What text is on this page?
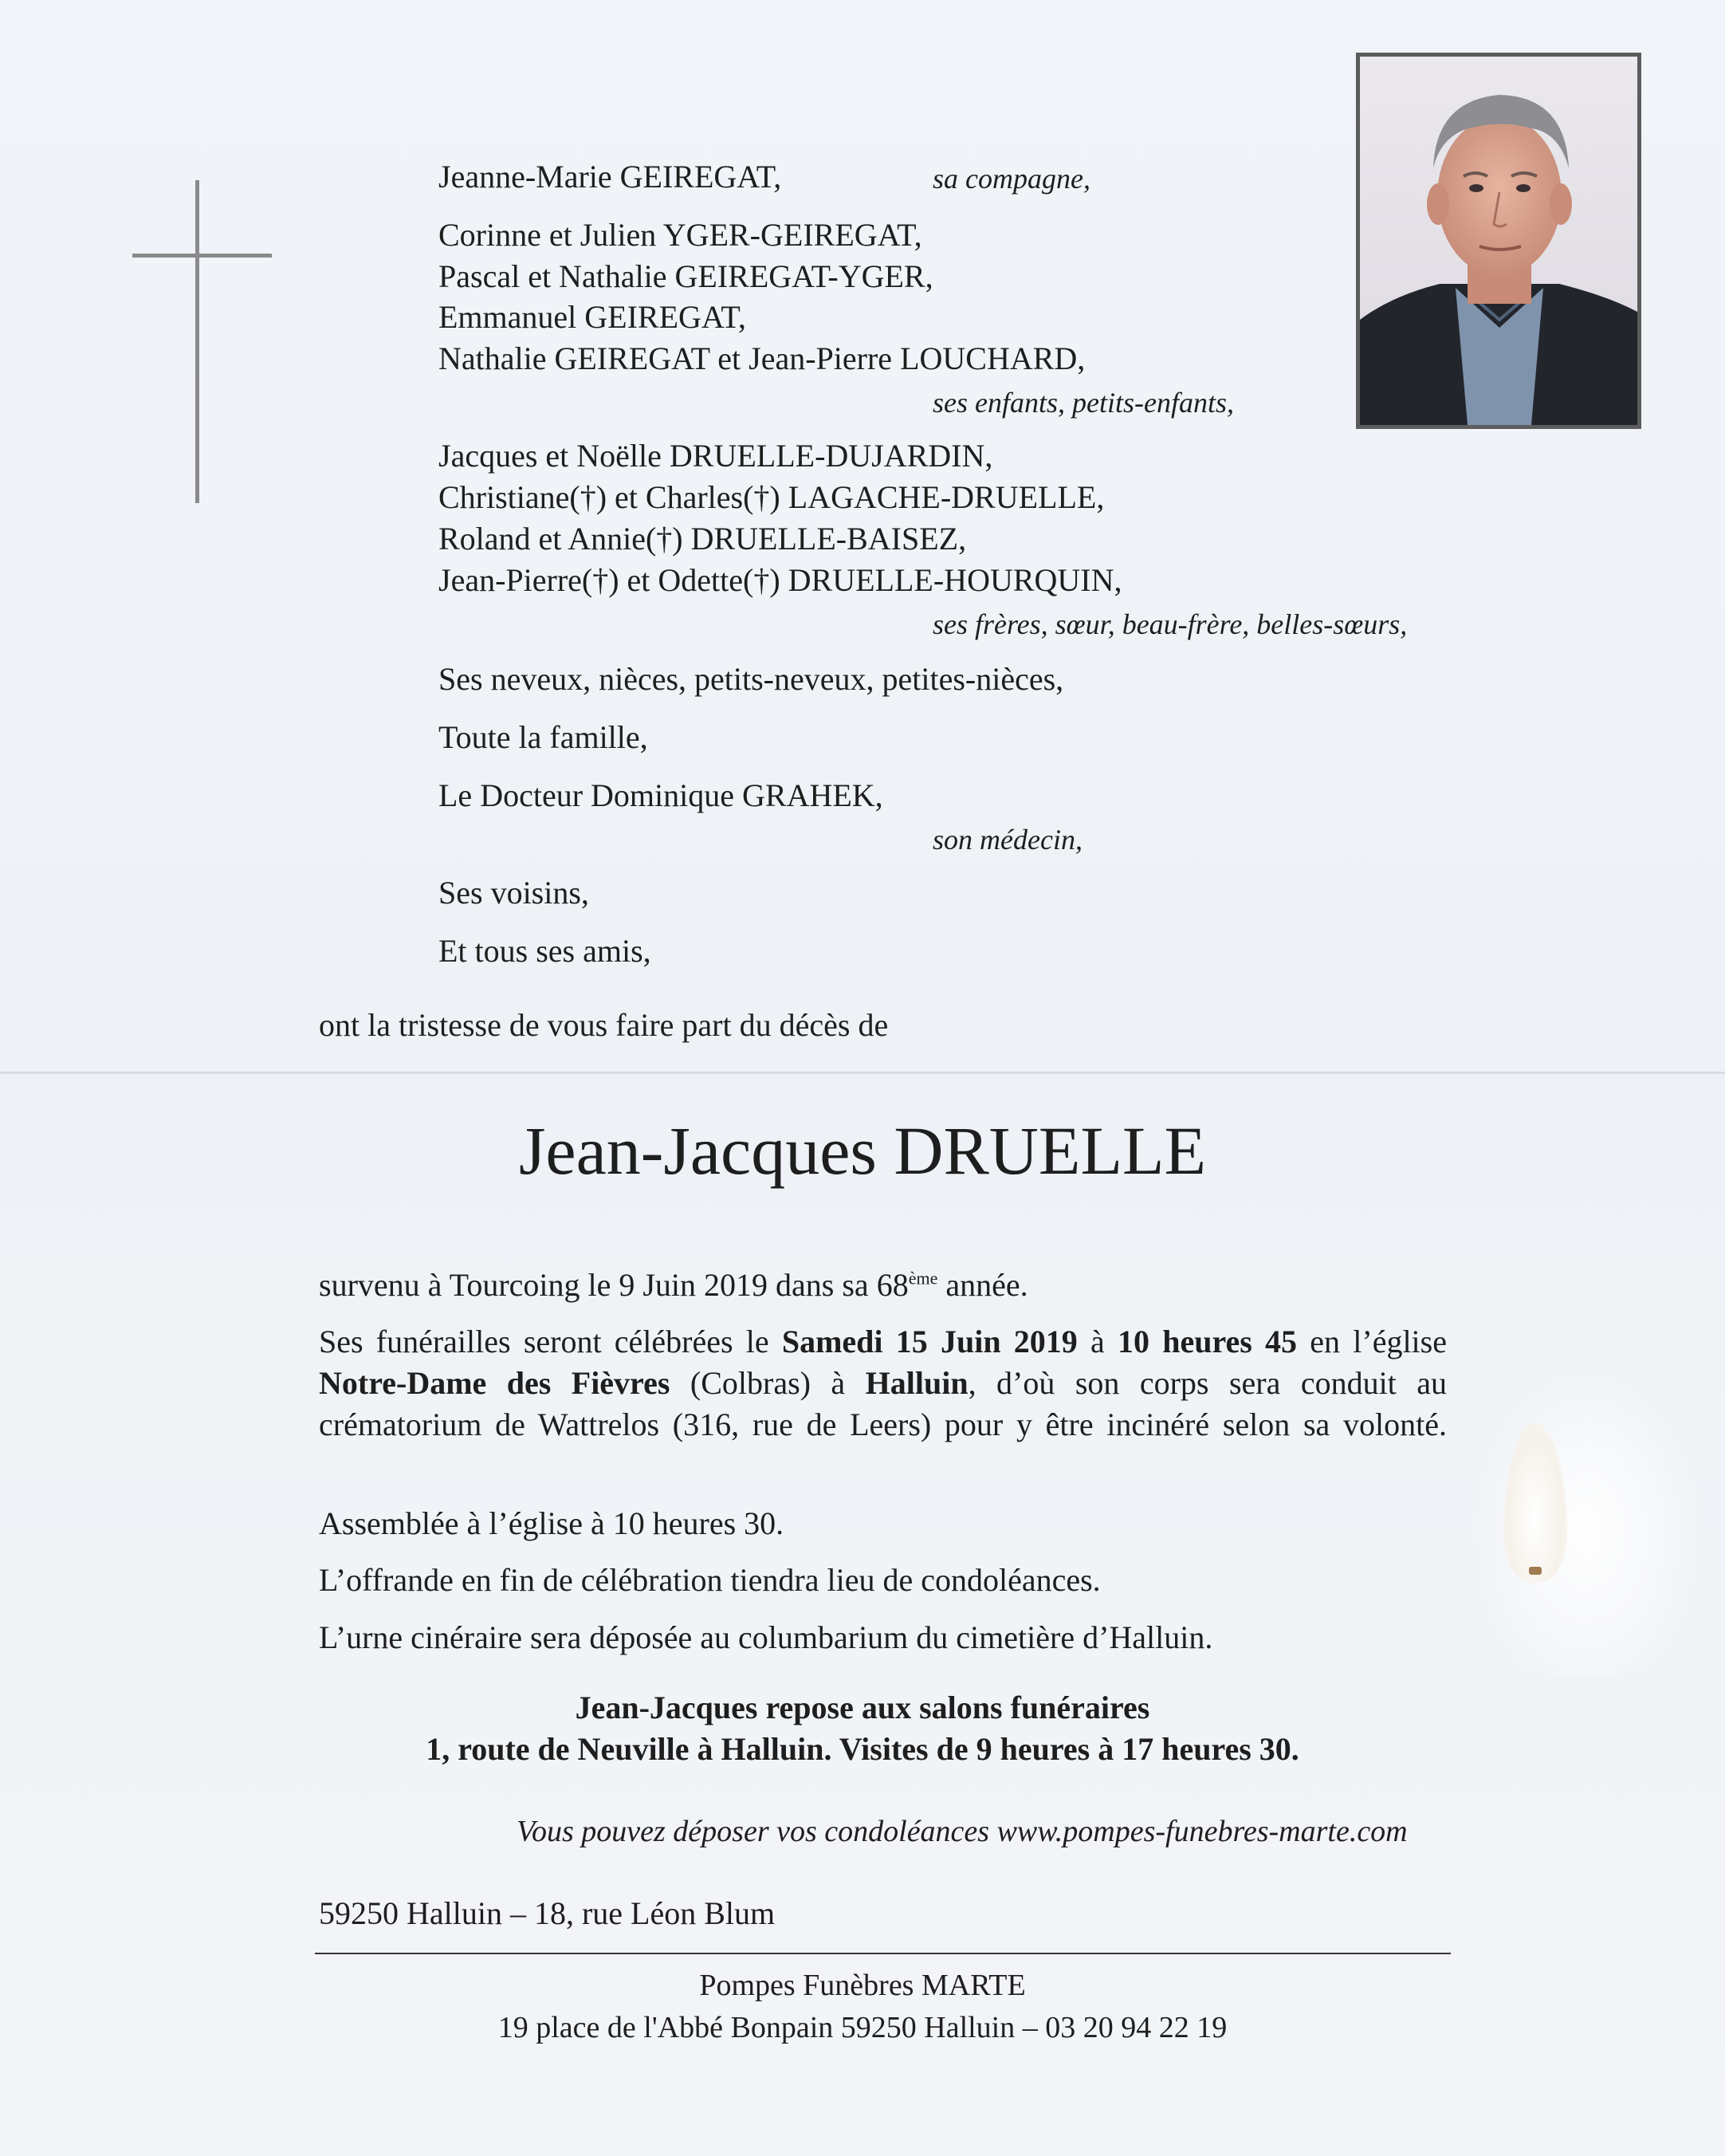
Jeanne-Marie GEIREGAT,	sa compagne,
Corinne et Julien YGER-GEIREGAT,
Pascal et Nathalie GEIREGAT-YGER,
Emmanuel GEIREGAT,
Nathalie GEIREGAT et Jean-Pierre LOUCHARD,
ses enfants, petits-enfants,
Jacques et Noëlle DRUELLE-DUJARDIN,
Christiane(†) et Charles(†) LAGACHE-DRUELLE,
Roland et Annie(†) DRUELLE-BAISEZ,
Jean-Pierre(†) et Odette(†) DRUELLE-HOURQUIN,
ses frères, sœur, beau-frère, belles-sœurs,
Ses neveux, nièces, petits-neveux, petites-nièces,
Toute la famille,
Le Docteur Dominique GRAHEK,
son médecin,
Ses voisins,
Et tous ses amis,
ont la tristesse de vous faire part du décès de
Jean-Jacques DRUELLE
survenu à Tourcoing le 9 Juin 2019 dans sa 68ème année.
Ses funérailles seront célébrées le Samedi 15 Juin 2019 à 10 heures 45 en l’église Notre-Dame des Fièvres (Colbras) à Halluin, d’où son corps sera conduit au crématorium de Wattrelos (316, rue de Leers) pour y être incinéré selon sa volonté.
Assemblée à l’église à 10 heures 30.
L’offrande en fin de célébration tiendra lieu de condoléances.
L’urne cinéraire sera déposée au columbarium du cimetière d’Halluin.
Jean-Jacques repose aux salons funéraires
1, route de Neuville à Halluin. Visites de 9 heures à 17 heures 30.
Vous pouvez déposer vos condoléances www.pompes-funebres-marte.com
59250 Halluin – 18, rue Léon Blum
Pompes Funèbres MARTE
19 place de l'Abbé Bonpain 59250 Halluin – 03 20 94 22 19
